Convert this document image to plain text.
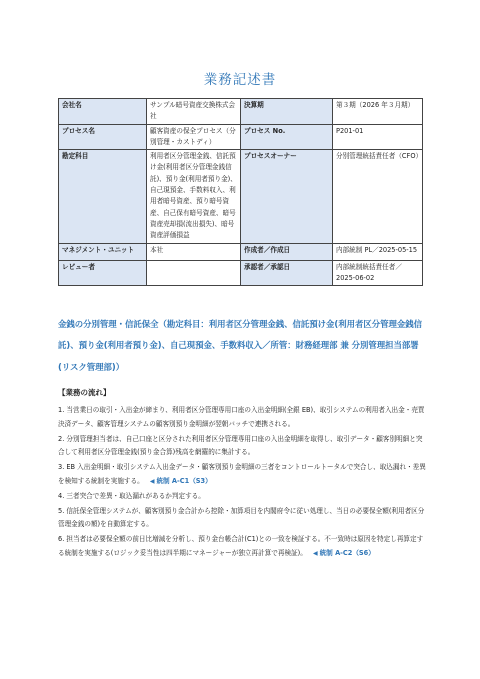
業務記述書
会社名	サンプル暗号資産交換株式会社	決算期	第３期（2026 年３月期）
プロセス名	顧客資産の保全プロセス（分別管理・カストディ）	プロセス No.	P201-01
勘定科目	利用者区分管理金銭、信託預け金(利用者区分管理金銭信託)、預り金(利用者預り金)、自己現預金、手数料収入、利用者暗号資産、預り暗号資産、自己保有暗号資産、暗号資産売却損(流出損失)、暗号資産評価損益	プロセスオーナー	分別管理統括責任者（CFO）
マネジメント・ユニット	本社	作成者／作成日	内部統制 PL／2025-05-15
レビュー者		承認者／承認日	内部統制統括責任者／2025-06-02
金銭の分別管理・信託保全（勘定科目：利用者区分管理金銭、信託預け金(利用者区分管理金銭信託)、預り金(利用者預り金)、自己現預金、手数料収入／所管：財務経理部 兼 分別管理担当部署(リスク管理部)）
【業務の流れ】

1. 当営業日の取引・入出金が締まり、利用者区分管理専用口座の入出金明細(全銀 EB)、取引システムの利用者入出金・売買決済データ、顧客管理システムの顧客別預り金明細が翌朝バッチで連携される。

2. 分別管理担当者は、自己口座と区分された利用者区分管理専用口座の入出金明細を取得し、取引データ・顧客別明細と突合して利用者区分管理金銭(預り金合算)残高を網羅的に集計する。

3. EB 入出金明細・取引システム入出金データ・顧客別預り金明細の三者をコントロールトータルで突合し、取込漏れ・差異を検知する統制を実施する。 ◀ 統制 A-C1（S3）

4. 三者突合で差異・取込漏れがあるか判定する。

5. 信託保全管理システムが、顧客別預り金合計から控除・加算項目を内閣府令に従い処理し、当日の必要保全額(利用者区分管理金銭の額)を自動算定する。

6. 担当者は必要保全額の前日比増減を分析し、預り金台帳合計(C1)との一致を検証する。不一致時は原因を特定し再算定する統制を実施する(ロジック妥当性は四半期にマネージャーが独立再計算で再検証)。 ◀ 統制 A-C2（S6）
